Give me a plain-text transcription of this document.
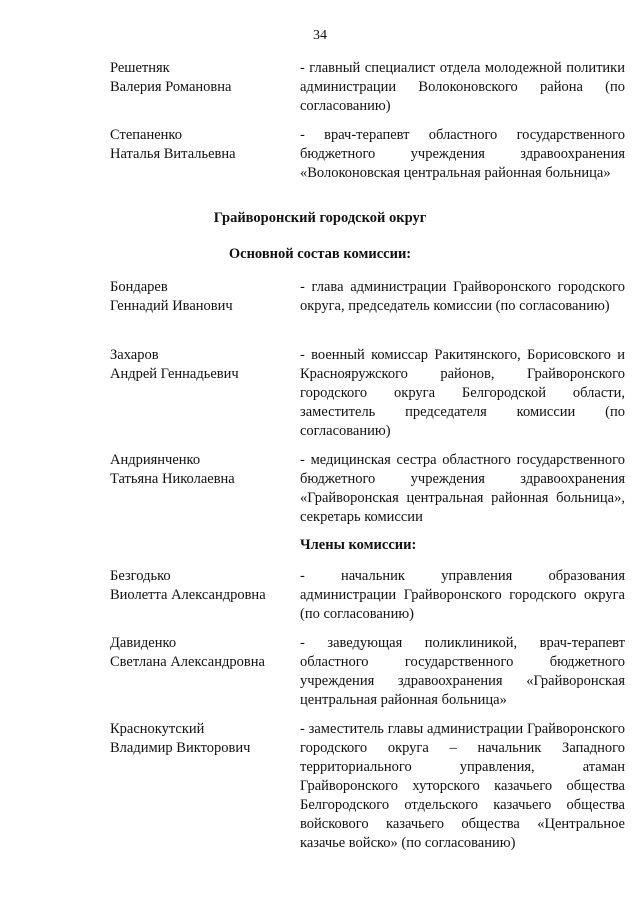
34
Решетняк
Валерия Романовна
- главный специалист отдела молодежной политики администрации Волоконовского района (по согласованию)
Степаненко
Наталья Витальевна
- врач-терапевт областного государственного бюджетного учреждения здравоохранения «Волоконовская центральная районная больница»
Грайворонский городской округ
Основной состав комиссии:
Бондарев
Геннадий Иванович
- глава администрации Грайворонского городского округа, председатель комиссии (по согласованию)
Захаров
Андрей Геннадьевич
- военный комиссар Ракитянского, Борисовского и Краснояружского районов, Грайворонского городского округа Белгородской области, заместитель председателя комиссии (по согласованию)
Андриянченко
Татьяна Николаевна
- медицинская сестра областного государственного бюджетного учреждения здравоохранения «Грайворонская центральная районная больница», секретарь комиссии
Члены комиссии:
Безгодько
Виолетта Александровна
- начальник управления образования администрации Грайворонского городского округа (по согласованию)
Давиденко
Светлана Александровна
- заведующая поликлиникой, врач-терапевт областного государственного бюджетного учреждения здравоохранения «Грайворонская центральная районная больница»
Краснокутский
Владимир Викторович
- заместитель главы администрации Грайворонского городского округа – начальник Западного территориального управления, атаман Грайворонского хуторского казачьего общества Белгородского отдельского казачьего общества войскового казачьего общества «Центральное казачье войско» (по согласованию)
